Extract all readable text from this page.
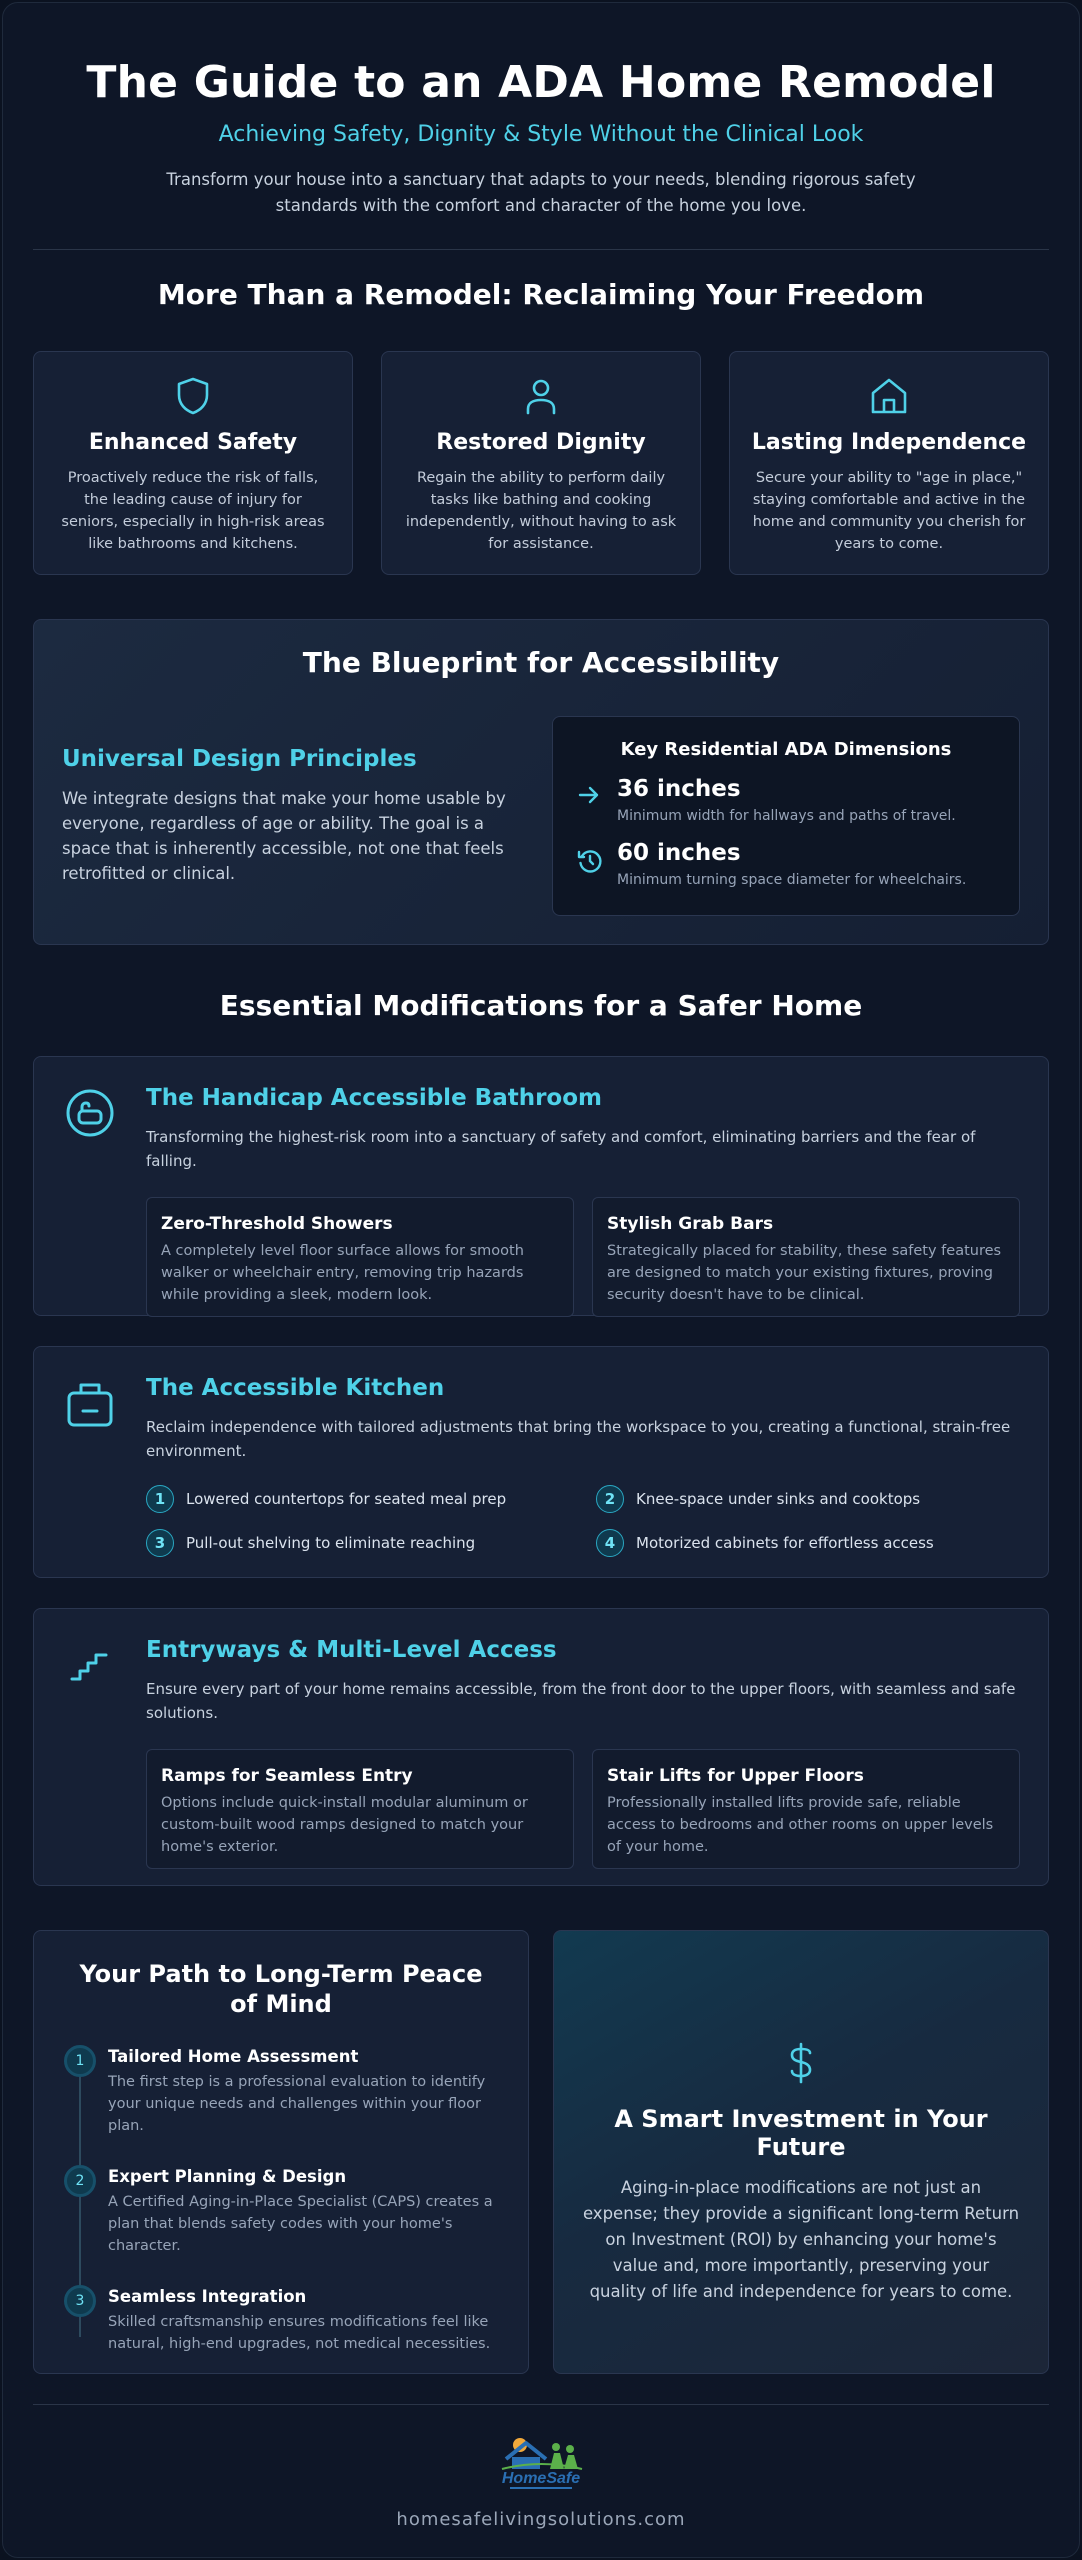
The Guide to an ADA Home Remodel
Achieving Safety, Dignity & Style Without the Clinical Look

Transform your house into a sanctuary that adapts to your needs, blending rigorous safety standards with the comfort and character of the home you love.

More Than a Remodel: Reclaiming Your Freedom
Enhanced Safety

Proactively reduce the risk of falls, the leading cause of injury for seniors, especially in high-risk areas like bathrooms and kitchens.

Restored Dignity

Regain the ability to perform daily tasks like bathing and cooking independently, without having to ask for assistance.

Lasting Independence

Secure your ability to "age in place," staying comfortable and active in the home and community you cherish for years to come.

The Blueprint for Accessibility
Universal Design Principles

We integrate designs that make your home usable by everyone, regardless of age or ability. The goal is a space that is inherently accessible, not one that feels retrofitted or clinical.

Key Residential ADA Dimensions
36 inches
Minimum width for hallways and paths of travel.
60 inches
Minimum turning space diameter for wheelchairs.
Essential Modifications for a Safer Home
The Handicap Accessible Bathroom

Transforming the highest-risk room into a sanctuary of safety and comfort, eliminating barriers and the fear of falling.

Zero-Threshold Showers

A completely level floor surface allows for smooth walker or wheelchair entry, removing trip hazards while providing a sleek, modern look.

Stylish Grab Bars

Strategically placed for stability, these safety features are designed to match your existing fixtures, proving security doesn't have to be clinical.

The Accessible Kitchen

Reclaim independence with tailored adjustments that bring the workspace to you, creating a functional, strain-free environment.

1	Lowered countertops for seated meal prep	2	Knee-space under sinks and cooktops
3	Pull-out shelving to eliminate reaching	4	Motorized cabinets for effortless access
Entryways & Multi-Level Access

Ensure every part of your home remains accessible, from the front door to the upper floors, with seamless and safe solutions.

Ramps for Seamless Entry

Options include quick-install modular aluminum or custom-built wood ramps designed to match your home's exterior.

Stair Lifts for Upper Floors

Professionally installed lifts provide safe, reliable access to bedrooms and other rooms on upper levels of your home.

Your Path to Long-Term Peace of Mind
1	Tailored Home Assessment

The first step is a professional evaluation to identify your unique needs and challenges within your floor plan.

2	Expert Planning & Design

A Certified Aging-in-Place Specialist (CAPS) creates a plan that blends safety codes with your home's character.

3	Seamless Integration

Skilled craftsmanship ensures modifications feel like natural, high-end upgrades, not medical necessities.

A Smart Investment in Your Future

Aging-in-place modifications are not just an expense; they provide a significant long-term Return on Investment (ROI) by enhancing your home's value and, more importantly, preserving your quality of life and independence for years to come.

HomeSafe
homesafelivingsolutions.com
